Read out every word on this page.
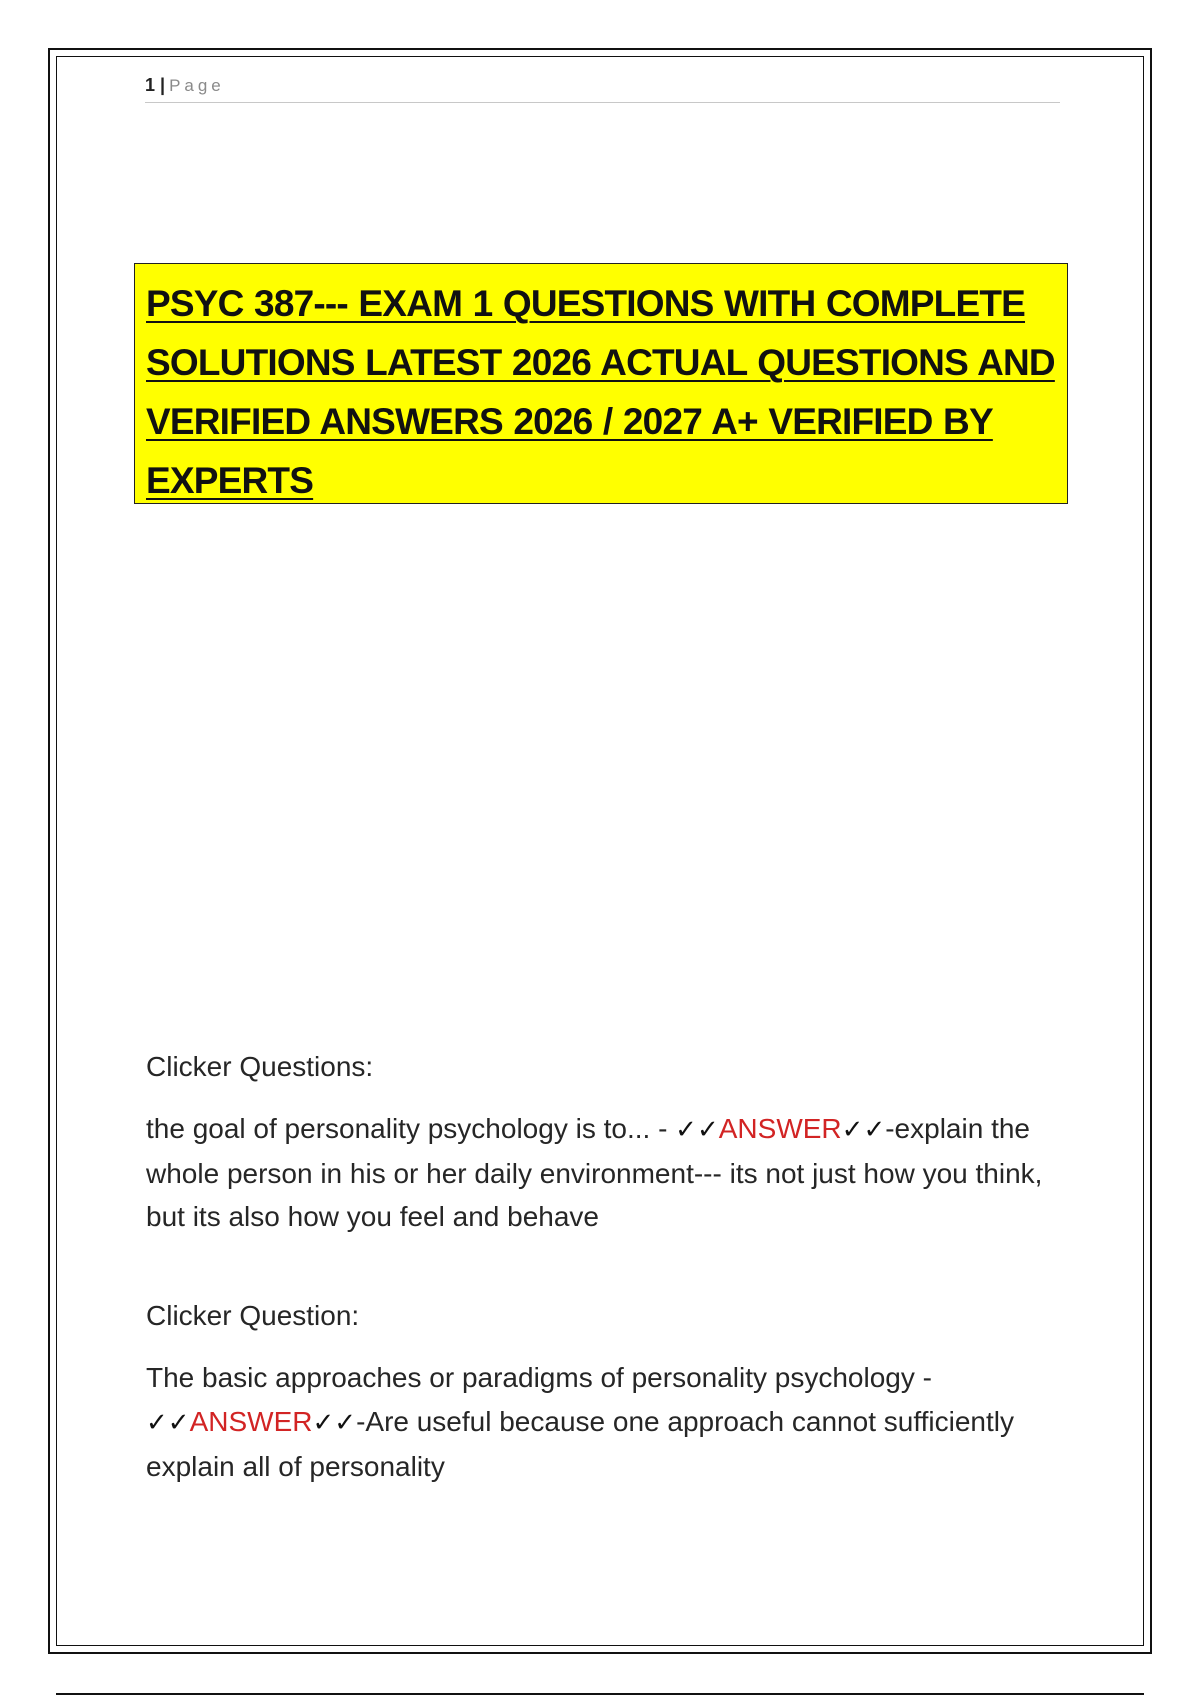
1 | Page

PSYC 387--- EXAM 1 QUESTIONS WITH COMPLETE SOLUTIONS LATEST 2026 ACTUAL QUESTIONS AND VERIFIED ANSWERS 2026 / 2027 A+ VERIFIED BY EXPERTS

Clicker Questions:

the goal of personality psychology is to... - ✓✓ANSWER✓✓-explain the whole person in his or her daily environment--- its not just how you think, but its also how you feel and behave

Clicker Question:

The basic approaches or paradigms of personality psychology - ✓✓ANSWER✓✓-Are useful because one approach cannot sufficiently explain all of personality
